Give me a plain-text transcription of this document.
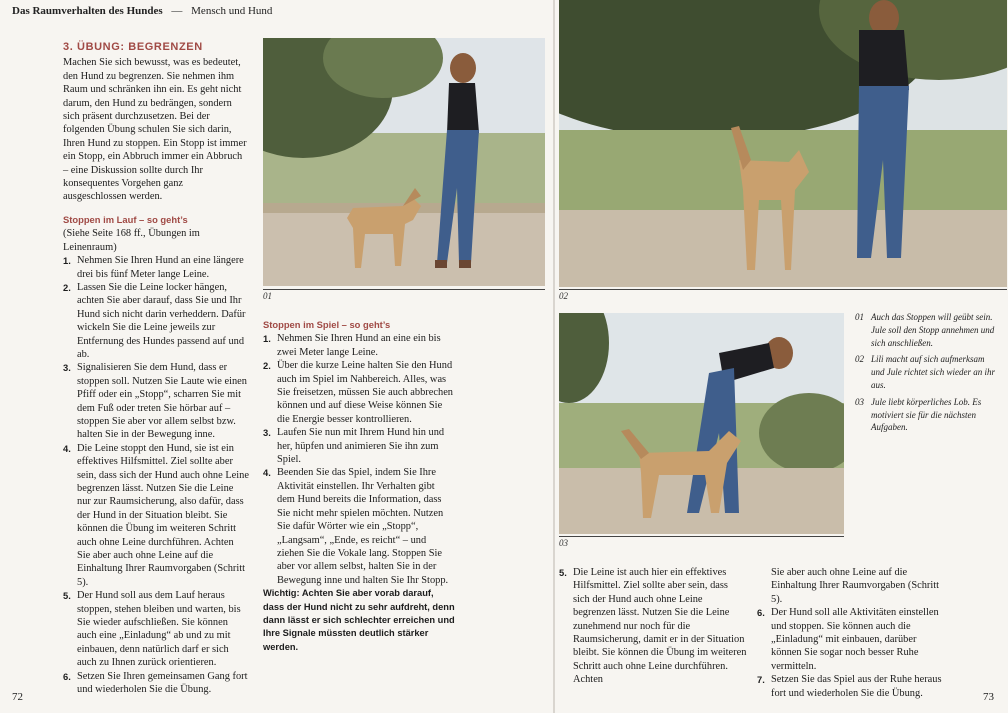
Das Raumverhalten des Hundes — Mensch und Hund
3. ÜBUNG: BEGRENZEN

Machen Sie sich bewusst, was es bedeutet, den Hund zu begrenzen. Sie nehmen ihm Raum und schränken ihn ein. Es geht nicht darum, den Hund zu bedrängen, sondern sich präsent durchzusetzen. Bei der folgenden Übung schulen Sie sich darin, Ihren Hund zu stoppen. Ein Stopp ist immer ein Stopp, ein Abbruch immer ein Abbruch – eine Diskussion sollte durch Ihr konsequentes Vorgehen ganz ausgeschlossen werden.

Stoppen im Lauf – so geht’s

(Siehe Seite 168 ff., Übungen im Leinenraum)

1. Nehmen Sie Ihren Hund an eine längere drei bis fünf Meter lange Leine.
2. Lassen Sie die Leine locker hängen, achten Sie aber darauf, dass Sie und Ihr Hund sich nicht darin verheddern. Dafür wickeln Sie die Leine jeweils zur Entfernung des Hundes passend auf und ab.
3. Signalisieren Sie dem Hund, dass er stoppen soll. Nutzen Sie Laute wie einen Pfiff oder ein „Stopp“, scharren Sie mit dem Fuß oder treten Sie hörbar auf – stoppen Sie aber vor allem selbst bzw. halten Sie in der Bewegung inne.
4. Die Leine stoppt den Hund, sie ist ein effektives Hilfsmittel. Ziel sollte aber sein, dass sich der Hund auch ohne Leine begrenzen lässt. Nutzen Sie die Leine nur zur Raumsicherung, also dafür, dass der Hund in der Situation bleibt. Sie können die Übung im weiteren Schritt auch ohne Leine durchführen. Achten Sie aber auch ohne Leine auf die Einhaltung Ihrer Raumvorgaben (Schritt 5).
5. Der Hund soll aus dem Lauf heraus stoppen, stehen bleiben und warten, bis Sie wieder aufschließen. Sie können auch eine „Einladung“ ab und zu mit einbauen, denn natürlich darf er sich auch zu Ihnen zurück orientieren.
6. Setzen Sie Ihren gemeinsamen Gang fort und wiederholen Sie die Übung.
01
Stoppen im Spiel – so geht’s
1. Nehmen Sie Ihren Hund an eine ein bis zwei Meter lange Leine.
2. Über die kurze Leine halten Sie den Hund auch im Spiel im Nahbereich. Alles, was Sie freisetzen, müssen Sie auch abbrechen können und auf diese Weise können Sie die Energie besser kontrollieren.
3. Laufen Sie nun mit Ihrem Hund hin und her, hüpfen und animieren Sie ihn zum Spiel.
4. Beenden Sie das Spiel, indem Sie Ihre Aktivität einstellen. Ihr Verhalten gibt dem Hund bereits die Information, dass Sie nicht mehr spielen möchten. Nutzen Sie dafür Wörter wie ein „Stopp“, „Langsam“, „Ende, es reicht“ – und ziehen Sie die Vokale lang. Stoppen Sie aber vor allem selbst, halten Sie in der Bewegung inne und halten Sie Ihr Stopp.

Wichtig: Achten Sie aber vorab darauf, dass der Hund nicht zu sehr aufdreht, denn dann lässt er sich schlechter erreichen und Ihre Signale müssten deutlich stärker werden.

72
02
03
01 Auch das Stoppen will geübt sein. Jule soll den Stopp annehmen und sich anschließen.
02 Lili macht auf sich aufmerksam und Jule richtet sich wieder an ihr aus.
03 Jule liebt körperliches Lob. Es motiviert sie für die nächsten Aufgaben.
5. Die Leine ist auch hier ein effektives Hilfsmittel. Ziel sollte aber sein, dass sich der Hund auch ohne Leine begrenzen lässt. Nutzen Sie die Leine zunehmend nur noch für die Raumsicherung, damit er in der Situation bleibt. Sie können die Übung im weiteren Schritt auch ohne Leine durchführen. Achten

Sie aber auch ohne Leine auf die Einhaltung Ihrer Raumvorgaben (Schritt 5).

6. Der Hund soll alle Aktivitäten einstellen und stoppen. Sie können auch die „Einladung“ mit einbauen, darüber können Sie sogar noch besser Ruhe vermitteln.
7. Setzen Sie das Spiel aus der Ruhe heraus fort und wiederholen Sie die Übung.	73
